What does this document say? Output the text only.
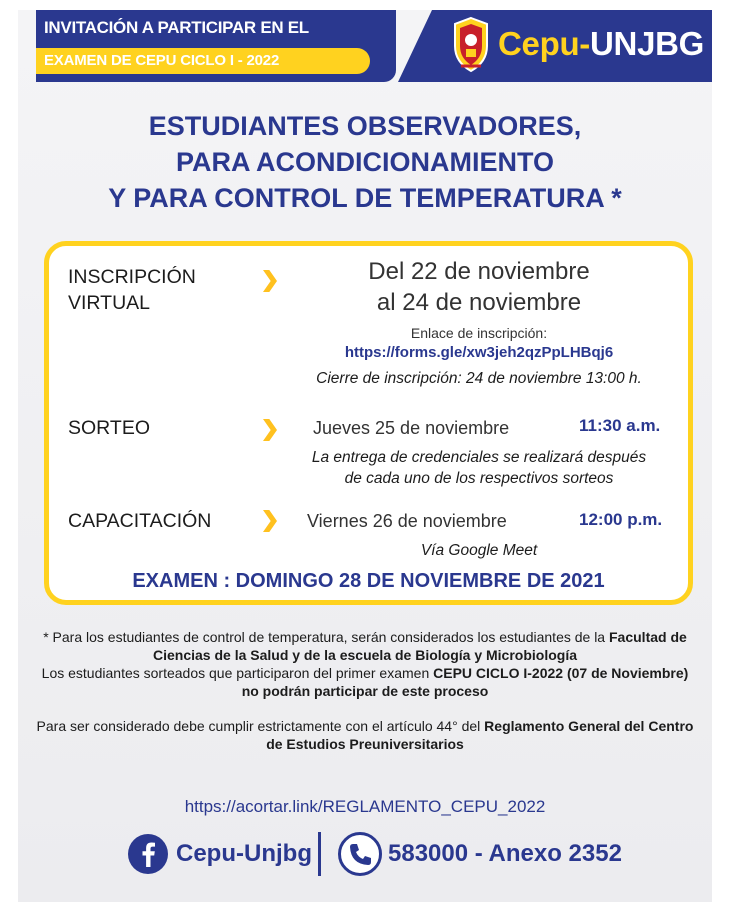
INVITACIÓN A PARTICIPAR EN EL
EXAMEN DE CEPU CICLO I - 2022	Cepu-UNJBG
ESTUDIANTES OBSERVADORES,
PARA ACONDICIONAMIENTO
Y PARA CONTROL DE TEMPERATURA *
INSCRIPCIÓN
VIRTUAL
Del 22 de noviembre
al 24 de noviembre
Enlace de inscripción:
https://forms.gle/xw3jeh2qzPpLHBqj6
Cierre de inscripción: 24 de noviembre 13:00 h.
SORTEO	Jueves 25 de noviembre	11:30 a.m.
La entrega de credenciales se realizará después
de cada uno de los respectivos sorteos
CAPACITACIÓN	Viernes 26 de noviembre	12:00 p.m.
Vía Google Meet
EXAMEN : DOMINGO 28 DE NOVIEMBRE DE 2021

* Para los estudiantes de control de temperatura, serán considerados los estudiantes de la Facultad de Ciencias de la Salud y de la escuela de Biología y Microbiología

Los estudiantes sorteados que participaron del primer examen CEPU CICLO I-2022 (07 de Noviembre) no podrán participar de este proceso

Para ser considerado debe cumplir estrictamente con el artículo 44° del Reglamento General del Centro de Estudios Preuniversitarios

https://acortar.link/REGLAMENTO_CEPU_2022
Cepu-Unjbg	583000 - Anexo 2352
